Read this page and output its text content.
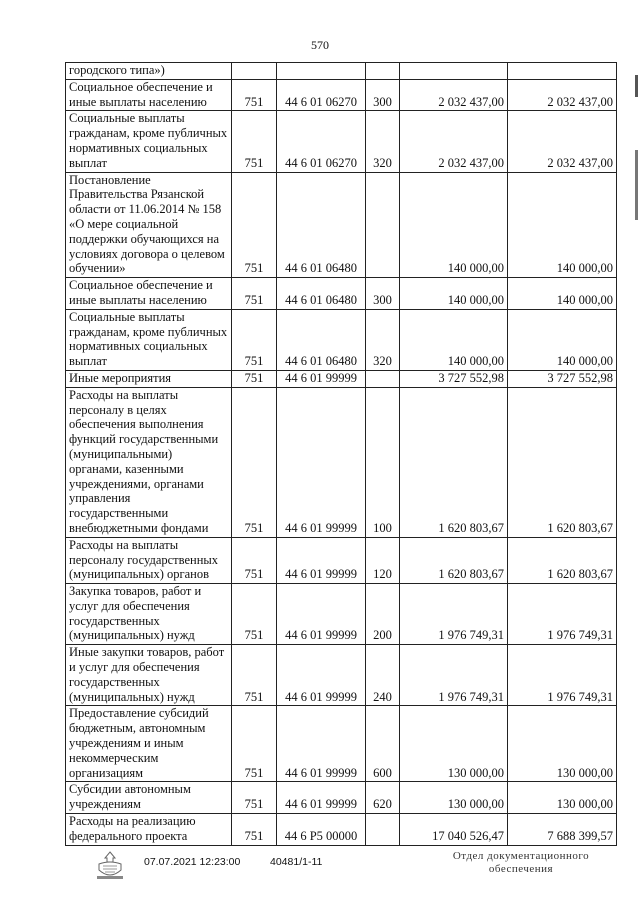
570
городского типа»)					
Социальное обеспечение и иные выплаты населению	751	44 6 01 06270	300	2 032 437,00	2 032 437,00
Социальные выплаты гражданам, кроме публичных нормативных социальных выплат	751	44 6 01 06270	320	2 032 437,00	2 032 437,00
Постановление Правительства Рязанской области от 11.06.2014 № 158 «О мере социальной поддержки обучающихся на условиях договора о целевом обучении»	751	44 6 01 06480		140 000,00	140 000,00
Социальное обеспечение и иные выплаты населению	751	44 6 01 06480	300	140 000,00	140 000,00
Социальные выплаты гражданам, кроме публичных нормативных социальных выплат	751	44 6 01 06480	320	140 000,00	140 000,00
Иные мероприятия	751	44 6 01 99999		3 727 552,98	3 727 552,98
Расходы на выплаты персоналу в целях обеспечения выполнения функций государственными (муниципальными) органами, казенными учреждениями, органами управления государственными внебюджетными фондами	751	44 6 01 99999	100	1 620 803,67	1 620 803,67
Расходы на выплаты персоналу государственных (муниципальных) органов	751	44 6 01 99999	120	1 620 803,67	1 620 803,67
Закупка товаров, работ и услуг для обеспечения государственных (муниципальных) нужд	751	44 6 01 99999	200	1 976 749,31	1 976 749,31
Иные закупки товаров, работ и услуг для обеспечения государственных (муниципальных) нужд	751	44 6 01 99999	240	1 976 749,31	1 976 749,31
Предоставление субсидий бюджетным, автономным учреждениям и иным некоммерческим организациям	751	44 6 01 99999	600	130 000,00	130 000,00
Субсидии автономным учреждениям	751	44 6 01 99999	620	130 000,00	130 000,00
Расходы на реализацию федерального проекта	751	44 6 P5 00000		17 040 526,47	7 688 399,57
07.07.2021 12:23:00	40481/1-11	Отдел документационного обеспечения
